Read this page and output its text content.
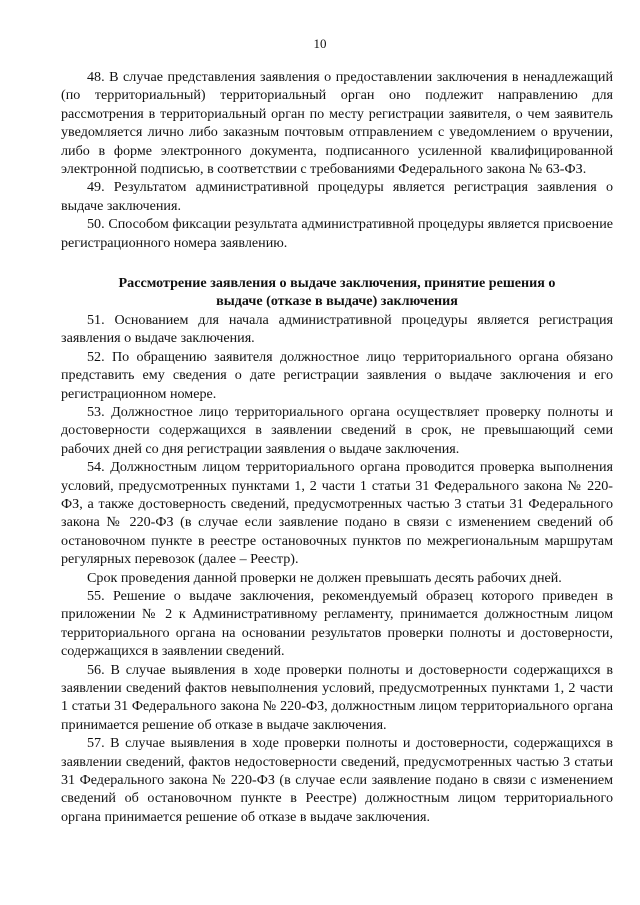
10

48. В случае представления заявления о предоставлении заключения в ненадлежащий (по территориальный) территориальный орган оно подлежит направлению для рассмотрения в территориальный орган по месту регистрации заявителя, о чем заявитель уведомляется лично либо заказным почтовым отправлением с уведомлением о вручении, либо в форме электронного документа, подписанного усиленной квалифицированной электронной подписью, в соответствии с требованиями Федерального закона № 63-ФЗ.

49. Результатом административной процедуры является регистрация заявления о выдаче заключения.

50. Способом фиксации результата административной процедуры является присвоение регистрационного номера заявлению.

Рассмотрение заявления о выдаче заключения, принятие решения о
выдаче (отказе в выдаче) заключения

51. Основанием для начала административной процедуры является регистрация заявления о выдаче заключения.

52. По обращению заявителя должностное лицо территориального органа обязано представить ему сведения о дате регистрации заявления о выдаче заключения и его регистрационном номере.

53. Должностное лицо территориального органа осуществляет проверку полноты и достоверности содержащихся в заявлении сведений в срок, не превышающий семи рабочих дней со дня регистрации заявления о выдаче заключения.

54. Должностным лицом территориального органа проводится проверка выполнения условий, предусмотренных пунктами 1, 2 части 1 статьи 31 Федерального закона № 220-ФЗ, а также достоверность сведений, предусмотренных частью 3 статьи 31 Федерального закона № 220-ФЗ (в случае если заявление подано в связи с изменением сведений об остановочном пункте в реестре остановочных пунктов по межрегиональным маршрутам регулярных перевозок (далее – Реестр).

Срок проведения данной проверки не должен превышать десять рабочих дней.

55. Решение о выдаче заключения, рекомендуемый образец которого приведен в приложении № 2 к Административному регламенту, принимается должностным лицом территориального органа на основании результатов проверки полноты и достоверности, содержащихся в заявлении сведений.

56. В случае выявления в ходе проверки полноты и достоверности содержащихся в заявлении сведений фактов невыполнения условий, предусмотренных пунктами 1, 2 части 1 статьи 31 Федерального закона № 220-ФЗ, должностным лицом территориального органа принимается решение об отказе в выдаче заключения.

57. В случае выявления в ходе проверки полноты и достоверности, содержащихся в заявлении сведений, фактов недостоверности сведений, предусмотренных частью 3 статьи 31 Федерального закона № 220-ФЗ (в случае если заявление подано в связи с изменением сведений об остановочном пункте в Реестре) должностным лицом территориального органа принимается решение об отказе в выдаче заключения.
